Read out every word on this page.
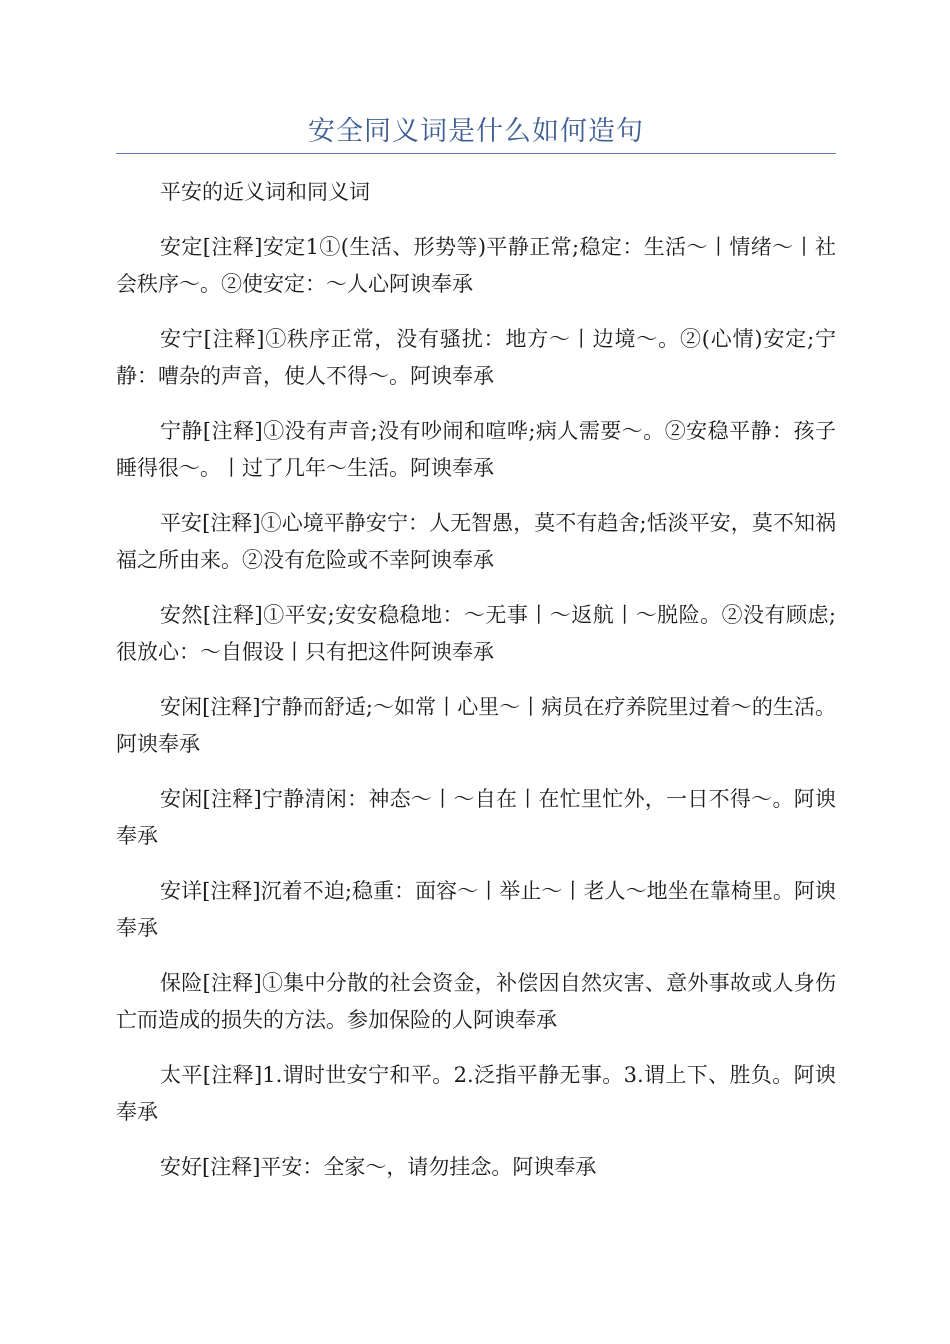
安全同义词是什么如何造句

平安的近义词和同义词

安定[注释]安定1①(生活、形势等)平静正常;稳定：生活～丨情绪～丨社会秩序～。②使安定：～人心阿谀奉承

安宁[注释]①秩序正常，没有骚扰：地方～丨边境～。②(心情)安定;宁静：嘈杂的声音，使人不得～。阿谀奉承

宁静[注释]①没有声音;没有吵闹和喧哗;病人需要～。②安稳平静：孩子睡得很～。丨过了几年～生活。阿谀奉承

平安[注释]①心境平静安宁：人无智愚，莫不有趋舍;恬淡平安，莫不知祸福之所由来。②没有危险或不幸阿谀奉承

安然[注释]①平安;安安稳稳地：～无事丨～返航丨～脱险。②没有顾虑;很放心：～自假设丨只有把这件阿谀奉承

安闲[注释]宁静而舒适;～如常丨心里～丨病员在疗养院里过着～的生活。阿谀奉承

安闲[注释]宁静清闲：神态～丨～自在丨在忙里忙外，一日不得～。阿谀奉承

安详[注释]沉着不迫;稳重：面容～丨举止～丨老人～地坐在靠椅里。阿谀奉承

保险[注释]①集中分散的社会资金，补偿因自然灾害、意外事故或人身伤亡而造成的损失的方法。参加保险的人阿谀奉承

太平[注释]1.谓时世安宁和平。2.泛指平静无事。3.谓上下、胜负。阿谀奉承

安好[注释]平安：全家～，请勿挂念。阿谀奉承
